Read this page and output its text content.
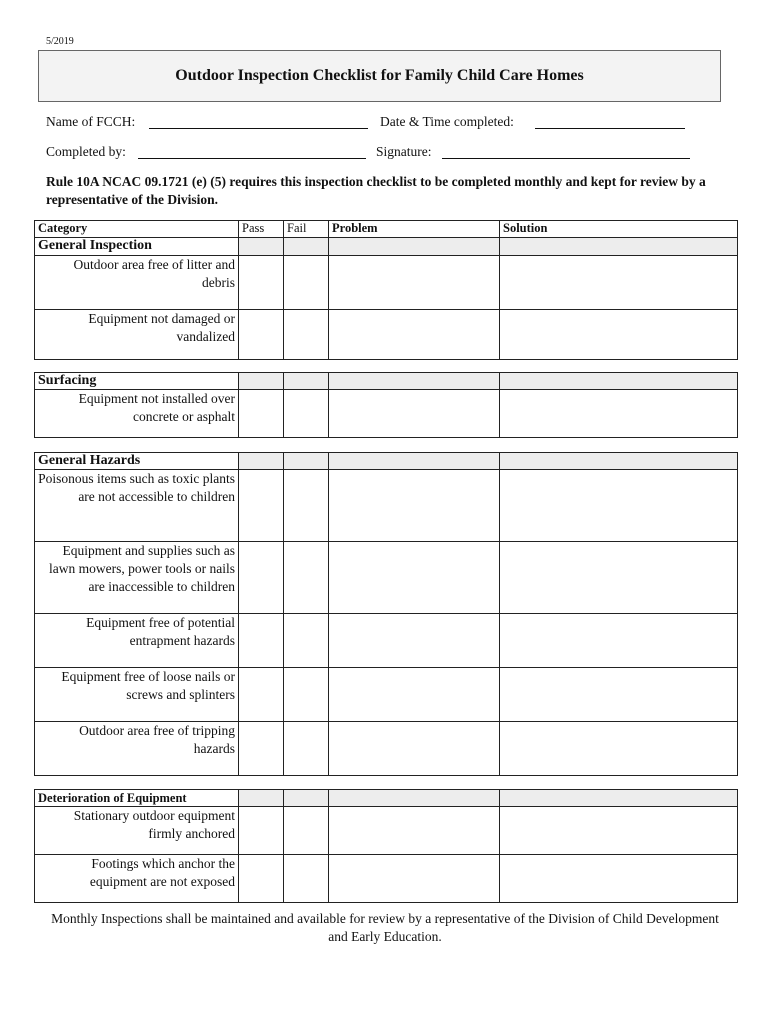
5/2019
Outdoor Inspection Checklist for Family Child Care Homes
Name of FCCH:	Date & Time completed:
Completed by:	Signature:
Rule 10A NCAC 09.1721 (e) (5) requires this inspection checklist to be completed monthly and kept for review by a representative of the Division.
Category	Pass	Fail	Problem	Solution
General Inspection				
Outdoor area free of litter and debris				
Equipment not damaged or vandalized				
Surfacing				
Equipment not installed over concrete or asphalt				
General Hazards				
Poisonous items such as toxic plants are not accessible to children				
Equipment and supplies such as lawn mowers, power tools or nails are inaccessible to children				
Equipment free of potential entrapment hazards				
Equipment free of loose nails or screws and splinters				
Outdoor area free of tripping hazards				
Deterioration of Equipment				
Stationary outdoor equipment firmly anchored				
Footings which anchor the equipment are not exposed				
Monthly Inspections shall be maintained and available for review by a representative of the Division of Child Development and Early Education.
